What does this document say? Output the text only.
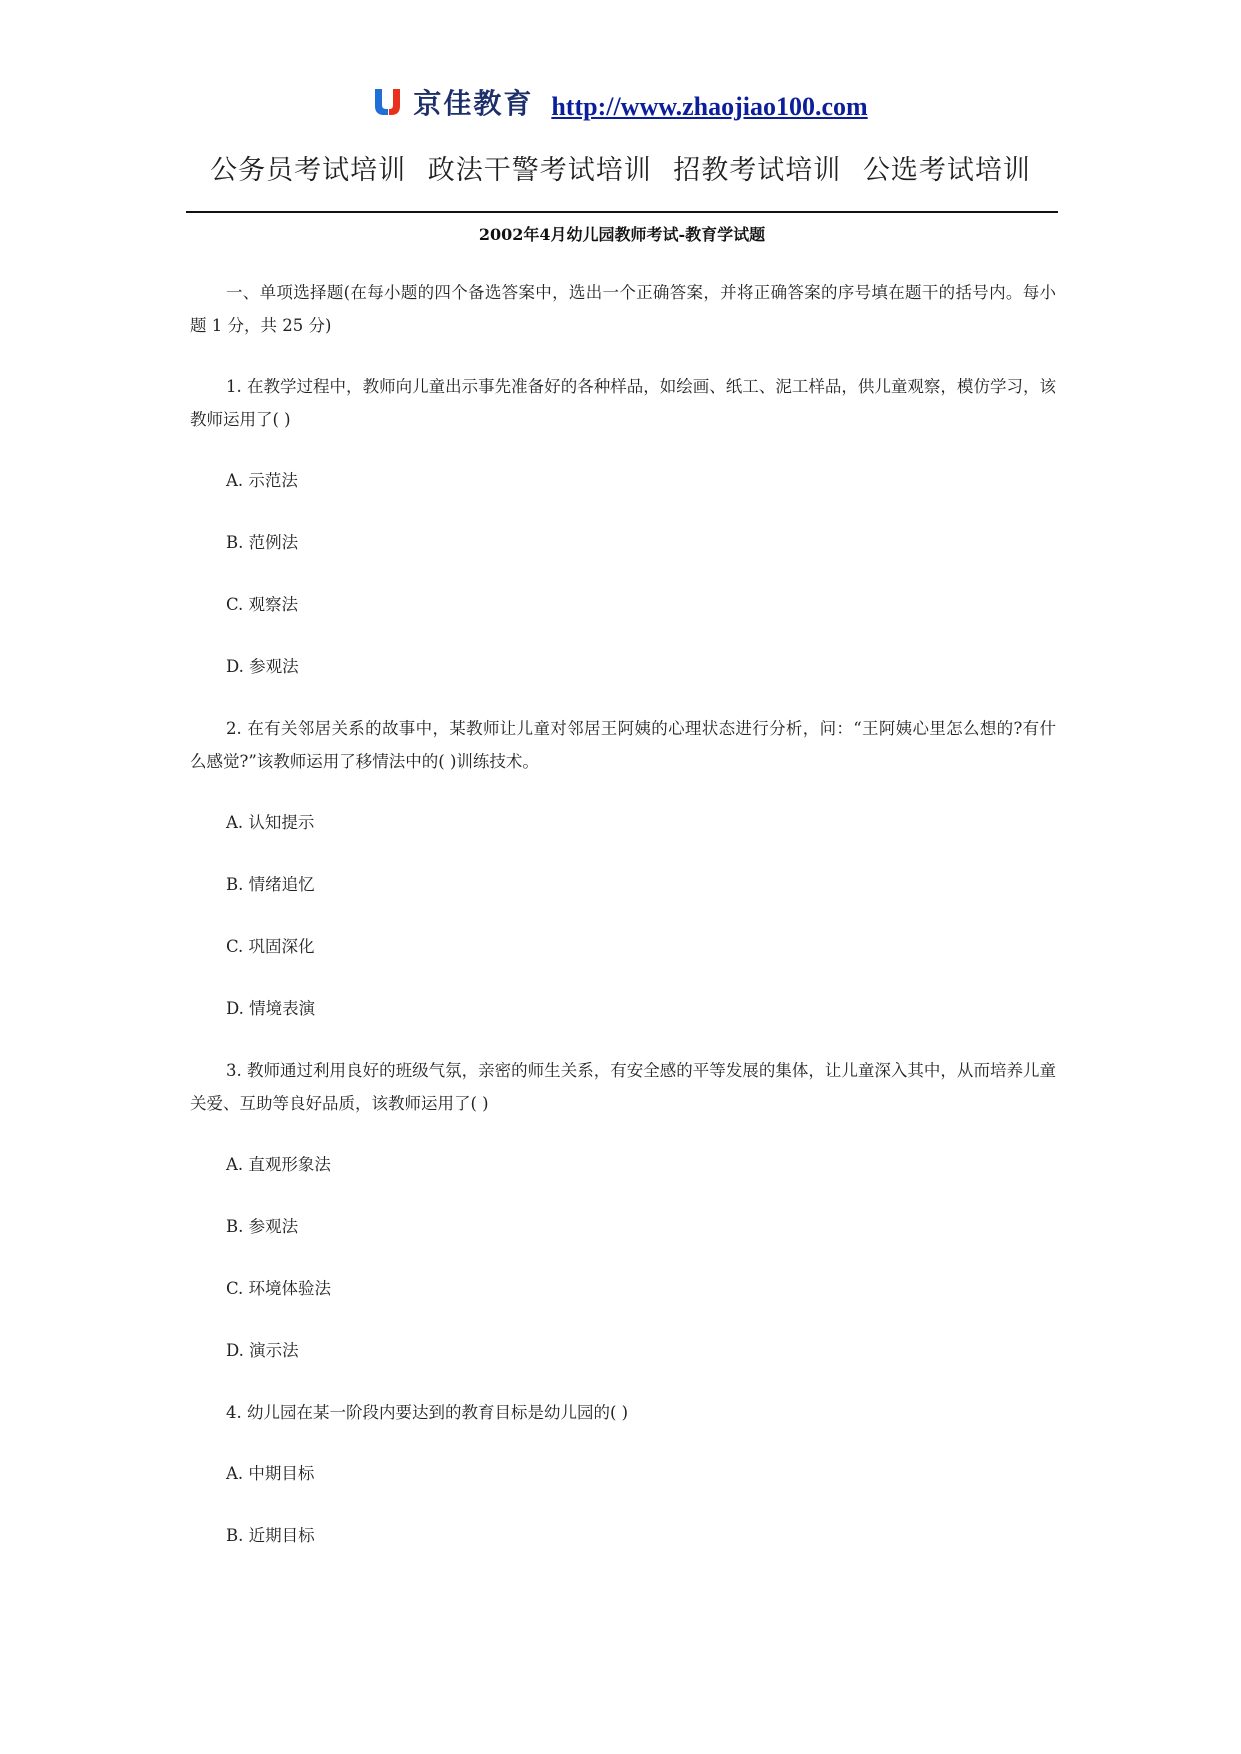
京佳教育 http://www.zhaojiao100.com
公务员考试培训 政法干警考试培训 招教考试培训 公选考试培训
2002年4月幼儿园教师考试-教育学试题

一、单项选择题(在每小题的四个备选答案中，选出一个正确答案，并将正确答案的序号填在题干的括号内。每小题 1 分，共 25 分)

1. 在教学过程中，教师向儿童出示事先准备好的各种样品，如绘画、纸工、泥工样品，供儿童观察，模仿学习，该教师运用了( )

A. 示范法
B. 范例法
C. 观察法
D. 参观法

2. 在有关邻居关系的故事中，某教师让儿童对邻居王阿姨的心理状态进行分析，问：“王阿姨心里怎么想的?有什么感觉?”该教师运用了移情法中的( )训练技术。

A. 认知提示
B. 情绪追忆
C. 巩固深化
D. 情境表演

3. 教师通过利用良好的班级气氛，亲密的师生关系，有安全感的平等发展的集体，让儿童深入其中，从而培养儿童关爱、互助等良好品质，该教师运用了( )

A. 直观形象法
B. 参观法
C. 环境体验法
D. 演示法

4. 幼儿园在某一阶段内要达到的教育目标是幼儿园的( )

A. 中期目标
B. 近期目标
